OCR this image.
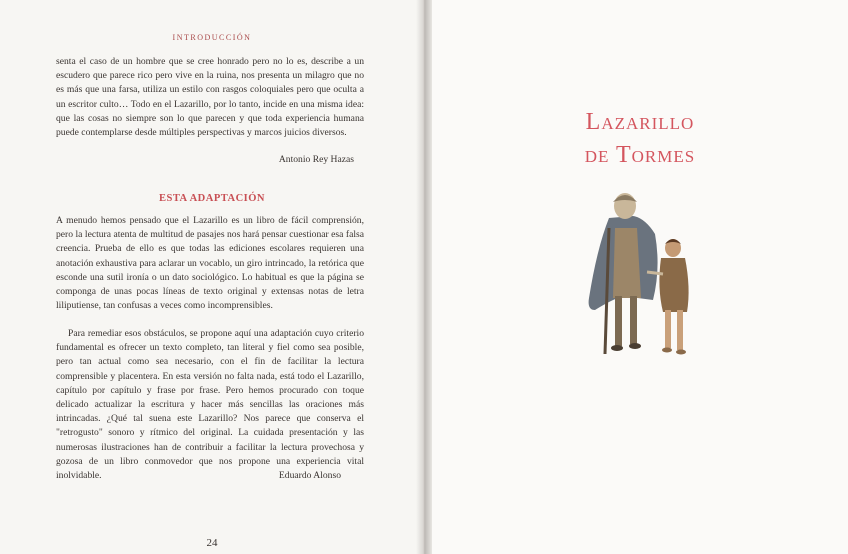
INTRODUCCIÓN

senta el caso de un hombre que se cree honrado pero no lo es, describe a un escudero que parece rico pero vive en la ruina, nos presenta un milagro que no es más que una farsa, utiliza un estilo con rasgos coloquiales pero que oculta a un escritor culto… Todo en el Lazarillo, por lo tanto, incide en una misma idea: que las cosas no siempre son lo que parecen y que toda experiencia humana puede contemplarse desde múltiples perspectivas y marcos juicios diversos.

Antonio Rey Hazas
ESTA ADAPTACIÓN

A menudo hemos pensado que el Lazarillo es un libro de fácil comprensión, pero la lectura atenta de multitud de pasajes nos hará pensar cuestionar esa falsa creencia. Prueba de ello es que todas las ediciones escolares requieren una anotación exhaustiva para aclarar un vocablo, un giro intrincado, la retórica que esconde una sutil ironía o un dato sociológico. Lo habitual es que la página se componga de unas pocas líneas de texto original y extensas notas de letra liliputiense, tan confusas a veces como incomprensibles.

Para remediar esos obstáculos, se propone aquí una adaptación cuyo criterio fundamental es ofrecer un texto completo, tan literal y fiel como sea posible, pero tan actual como sea necesario, con el fin de facilitar la lectura comprensible y placentera. En esta versión no falta nada, está todo el Lazarillo, capítulo por capítulo y frase por frase. Pero hemos procurado con toque delicado actualizar la escritura y hacer más sencillas las oraciones más intrincadas. ¿Qué tal suena este Lazarillo? Nos parece que conserva el "retrogusto" sonoro y rítmico del original. La cuidada presentación y las numerosas ilustraciones han de contribuir a facilitar la lectura provechosa y gozosa de un libro conmovedor que nos propone una experiencia vital inolvidable.	Eduardo Alonso
24
Lazarillo
de Tormes
